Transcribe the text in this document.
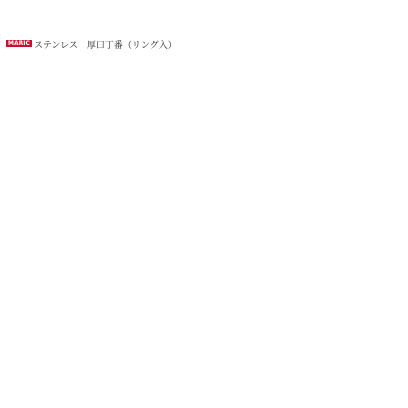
MARIC ステンレス　厚口丁番（リング入）
